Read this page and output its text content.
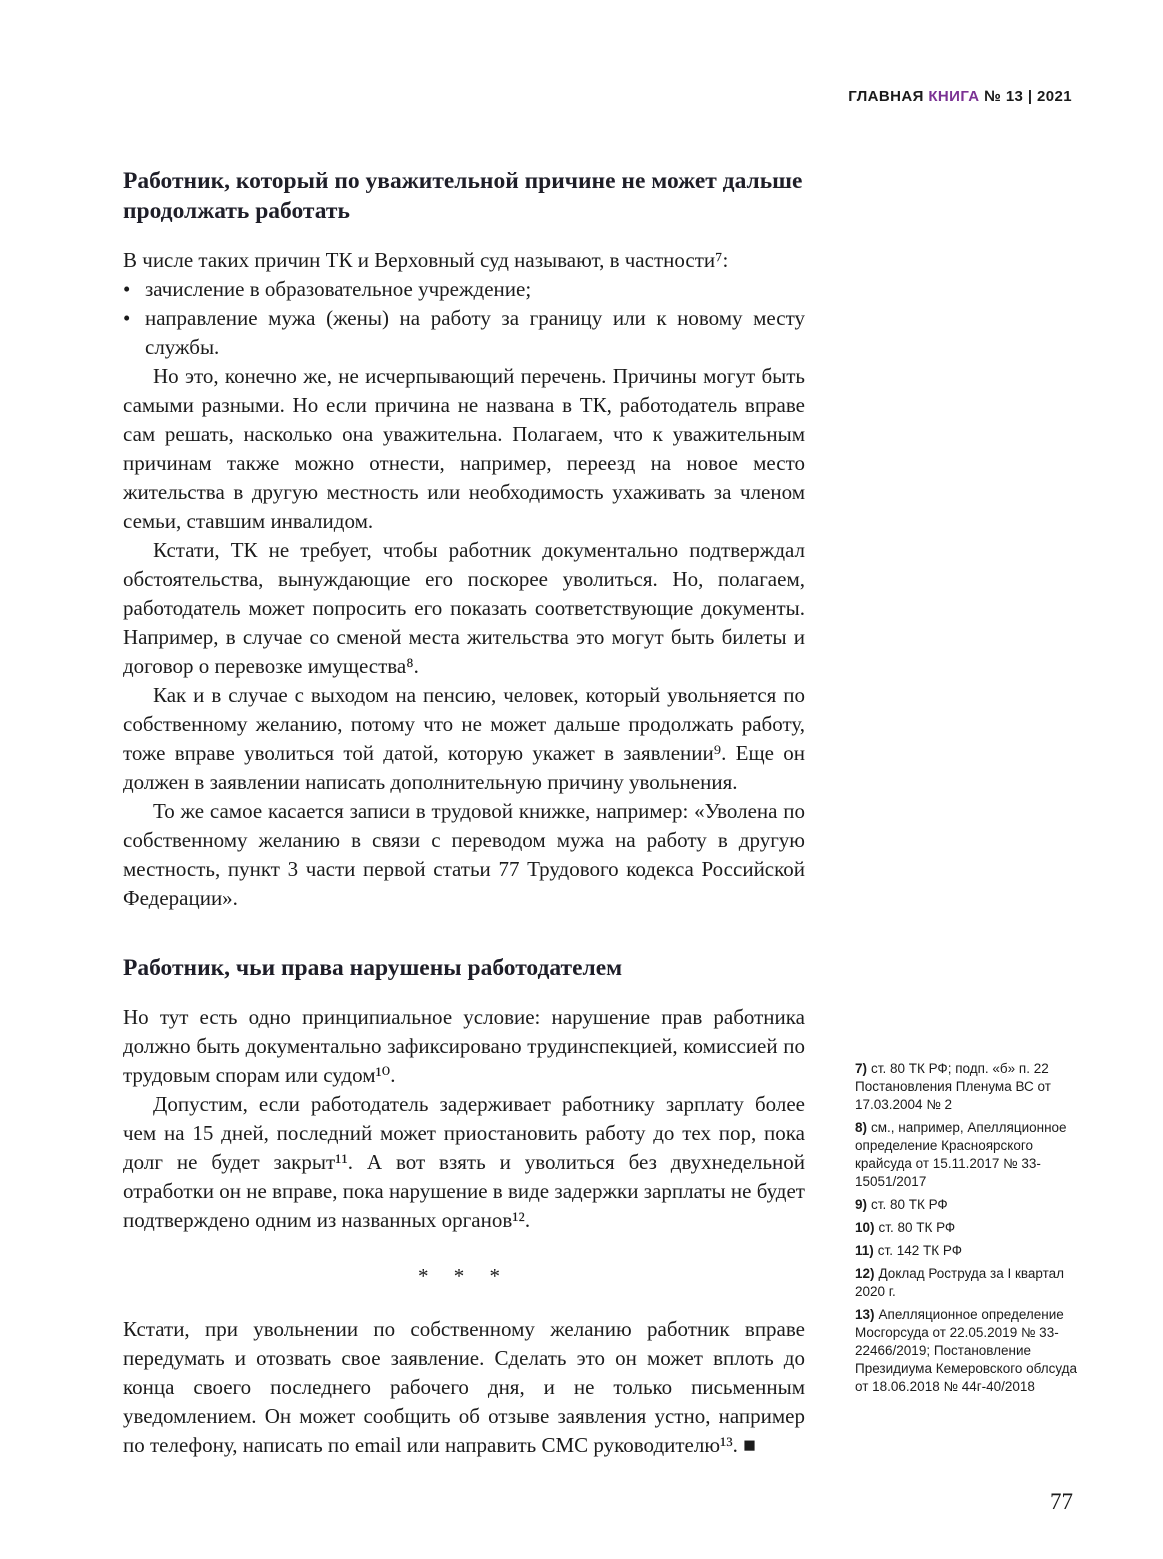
ГЛАВНАЯ КНИГА № 13 | 2021
Работник, который по уважительной причине не может дальше продолжать работать

В числе таких причин ТК и Верховный суд называют, в частности⁷:

• зачисление в образовательное учреждение;
• направление мужа (жены) на работу за границу или к новому месту службы.

Но это, конечно же, не исчерпывающий перечень. Причины могут быть самыми разными. Но если причина не названа в ТК, работодатель вправе сам решать, насколько она уважительна. Полагаем, что к уважительным причинам также можно отнести, например, переезд на новое место жительства в другую местность или необходимость ухаживать за членом семьи, ставшим инвалидом.

Кстати, ТК не требует, чтобы работник документально подтверждал обстоятельства, вынуждающие его поскорее уволиться. Но, полагаем, работодатель может попросить его показать соответствующие документы. Например, в случае со сменой места жительства это могут быть билеты и договор о перевозке имущества⁸.

Как и в случае с выходом на пенсию, человек, который увольняется по собственному желанию, потому что не может дальше продолжать работу, тоже вправе уволиться той датой, которую укажет в заявлении⁹. Еще он должен в заявлении написать дополнительную причину увольнения.

То же самое касается записи в трудовой книжке, например: «Уволена по собственному желанию в связи с переводом мужа на работу в другую местность, пункт 3 части первой статьи 77 Трудового кодекса Российской Федерации».

Работник, чьи права нарушены работодателем

Но тут есть одно принципиальное условие: нарушение прав работника должно быть документально зафиксировано трудинспекцией, комиссией по трудовым спорам или судом¹⁰.

Допустим, если работодатель задерживает работнику зарплату более чем на 15 дней, последний может приостановить работу до тех пор, пока долг не будет закрыт¹¹. А вот взять и уволиться без двухнедельной отработки он не вправе, пока нарушение в виде задержки зарплаты не будет подтверждено одним из названных органов¹².

* * *

Кстати, при увольнении по собственному желанию работник вправе передумать и отозвать свое заявление. Сделать это он может вплоть до конца своего последнего рабочего дня, и не только письменным уведомлением. Он может сообщить об отзыве заявления устно, например по телефону, написать по email или направить СМС руководителю¹³. ■

7) ст. 80 ТК РФ; подп. «б» п. 22 Постановления Пленума ВС от 17.03.2004 № 2

8) см., например, Апелляционное определение Красноярского крайсуда от 15.11.2017 № 33-15051/2017

9) ст. 80 ТК РФ

10) ст. 80 ТК РФ

11) ст. 142 ТК РФ

12) Доклад Роструда за I квартал 2020 г.

13) Апелляционное определение Мосгорсуда от 22.05.2019 № 33-22466/2019; Постановление Президиума Кемеровского облсуда от 18.06.2018 № 44г-40/2018

77
